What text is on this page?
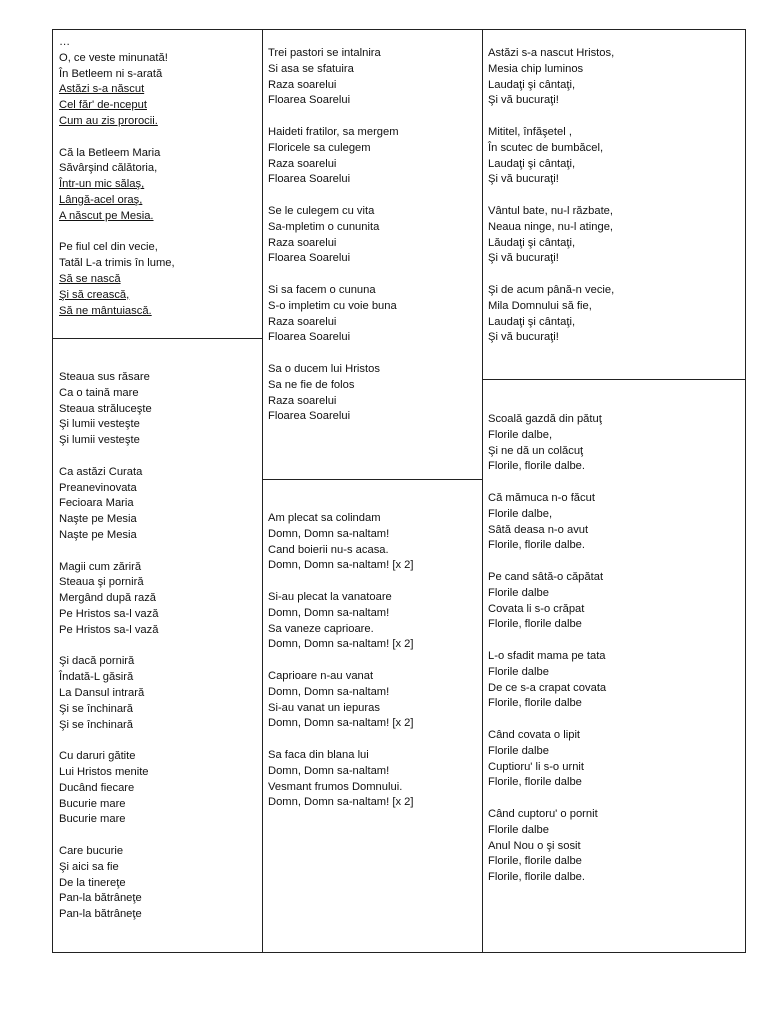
…
O, ce veste minunată!
În Betleem ni s-arată
Astăzi s-a născut
Cel făr' de-nceput
Cum au zis prorocii.
Că la Betleem Maria
Săvârşind călătoria,
Într-un mic sălaş,
Lângă-acel oraş,
A născut pe Mesia.
Pe fiul cel din vecie,
Tatăl L-a trimis în lume,
Să se nască
Şi să crească,
Să ne mântuiască.
Steaua sus răsare
Ca o taină mare
Steaua străluceşte
Şi lumii vesteşte
Şi lumii vesteşte
Ca astăzi Curata
Preanevinovata
Fecioara Maria
Naşte pe Mesia
Naşte pe Mesia
Magii cum zăriră
Steaua şi porniră
Mergând după rază
Pe Hristos sa-l vază
Pe Hristos sa-l vază
Şi dacă porniră
Îndată-L găsiră
La Dansul intrară
Şi se închinară
Şi se închinară
Cu daruri gătite
Lui Hristos menite
Ducând fiecare
Bucurie mare
Bucurie mare
Care bucurie
Şi aici sa fie
De la tinereţe
Pan-la bătrâneţe
Pan-la bătrâneţe
Trei pastori se intalnira
Si asa se sfatuira
Raza soarelui
Floarea Soarelui
Haideti fratilor, sa mergem
Floricele sa culegem
Raza soarelui
Floarea Soarelui
Se le culegem cu vita
Sa-mpletim o cununita
Raza soarelui
Floarea Soarelui
Si sa facem o cununa
S-o impletim cu voie buna
Raza soarelui
Floarea Soarelui
Sa o ducem lui Hristos
Sa ne fie de folos
Raza soarelui
Floarea Soarelui
Am plecat sa colindam
Domn, Domn sa-naltam!
Cand boierii nu-s acasa.
Domn, Domn sa-naltam! [x 2]
Si-au plecat la vanatoare
Domn, Domn sa-naltam!
Sa vaneze caprioare.
Domn, Domn sa-naltam! [x 2]
Caprioare n-au vanat
Domn, Domn sa-naltam!
Si-au vanat un iepuras
Domn, Domn sa-naltam! [x 2]
Sa faca din blana lui
Domn, Domn sa-naltam!
Vesmant frumos Domnului.
Domn, Domn sa-naltam! [x 2]
Astăzi s-a nascut Hristos,
Mesia chip luminos
Laudaţi şi cântaţi,
Şi vă bucuraţi!
Mititel, înfăşetel ,
În scutec de bumbăcel,
Laudaţi şi cântaţi,
Şi vă bucuraţi!
Vântul bate, nu-l răzbate,
Neaua ninge, nu-l atinge,
Lăudaţi şi cântaţi,
Şi vă bucuraţi!
Şi de acum până-n vecie,
Mila Domnului să fie,
Laudaţi şi cântaţi,
Şi vă bucuraţi!
Scoală gazdă din pătuţ
Florile dalbe,
Şi ne dă un colăcuţ
Florile, florile dalbe.
Că mămuca n-o făcut
Florile dalbe,
Sâtă deasa n-o avut
Florile, florile dalbe.
Pe cand sâtă-o căpătat
Florile dalbe
Covata li s-o crăpat
Florile, florile dalbe
L-o sfadit mama pe tata
Florile dalbe
De ce s-a crapat covata
Florile, florile dalbe
Când covata o lipit
Florile dalbe
Cuptioru' li s-o urnit
Florile, florile dalbe
Când cuptoru' o pornit
Florile dalbe
Anul Nou o şi sosit
Florile, florile dalbe
Florile, florile dalbe.
